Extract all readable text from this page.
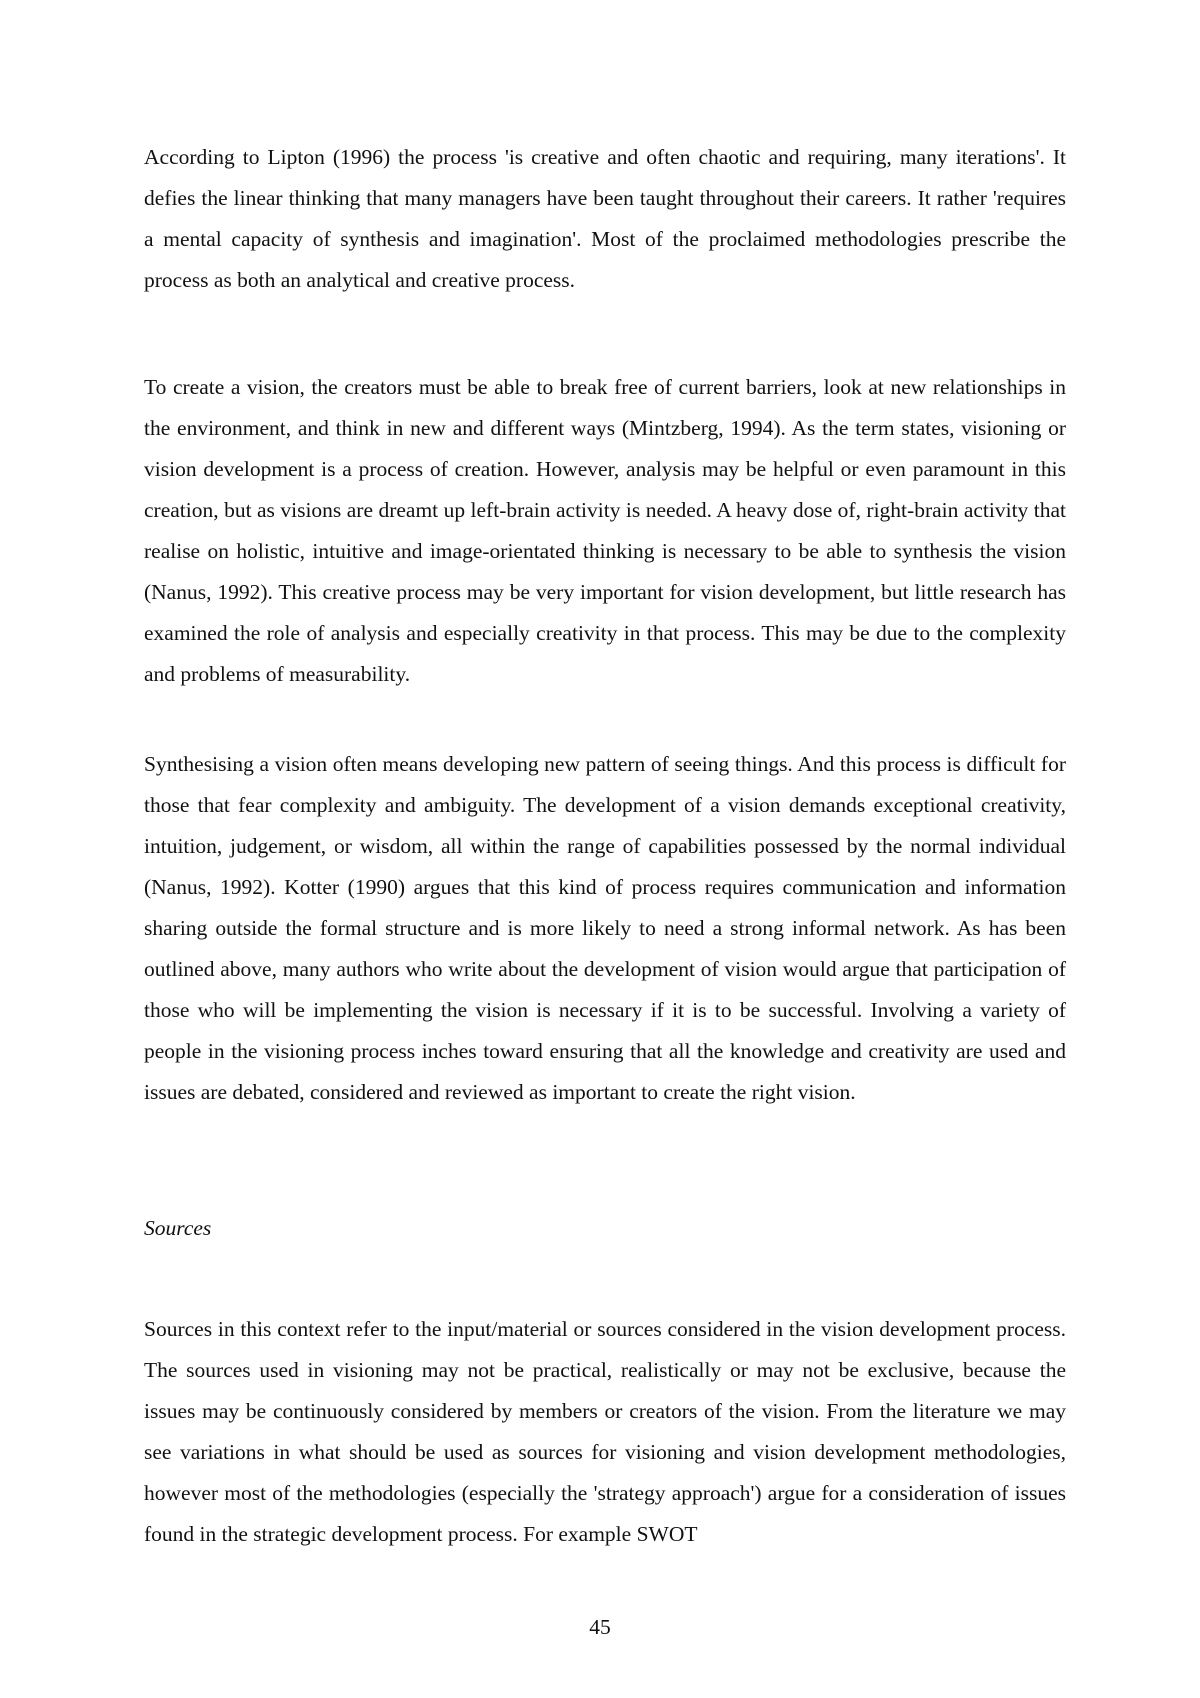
According to Lipton (1996) the process 'is creative and often chaotic and requiring, many iterations'. It defies the linear thinking that many managers have been taught throughout their careers. It rather 'requires a mental capacity of synthesis and imagination'. Most of the proclaimed methodologies prescribe the process as both an analytical and creative process.

To create a vision, the creators must be able to break free of current barriers, look at new relationships in the environment, and think in new and different ways (Mintzberg, 1994). As the term states, visioning or vision development is a process of creation. However, analysis may be helpful or even paramount in this creation, but as visions are dreamt up left-brain activity is needed. A heavy dose of, right-brain activity that realise on holistic, intuitive and image-orientated thinking is necessary to be able to synthesis the vision (Nanus, 1992). This creative process may be very important for vision development, but little research has examined the role of analysis and especially creativity in that process. This may be due to the complexity and problems of measurability.

Synthesising a vision often means developing new pattern of seeing things. And this process is difficult for those that fear complexity and ambiguity. The development of a vision demands exceptional creativity, intuition, judgement, or wisdom, all within the range of capabilities possessed by the normal individual (Nanus, 1992). Kotter (1990) argues that this kind of process requires communication and information sharing outside the formal structure and is more likely to need a strong informal network. As has been outlined above, many authors who write about the development of vision would argue that participation of those who will be implementing the vision is necessary if it is to be successful. Involving a variety of people in the visioning process inches toward ensuring that all the knowledge and creativity are used and issues are debated, considered and reviewed as important to create the right vision.

Sources

Sources in this context refer to the input/material or sources considered in the vision development process. The sources used in visioning may not be practical, realistically or may not be exclusive, because the issues may be continuously considered by members or creators of the vision. From the literature we may see variations in what should be used as sources for visioning and vision development methodologies, however most of the methodologies (especially the 'strategy approach') argue for a consideration of issues found in the strategic development process. For example SWOT

45
